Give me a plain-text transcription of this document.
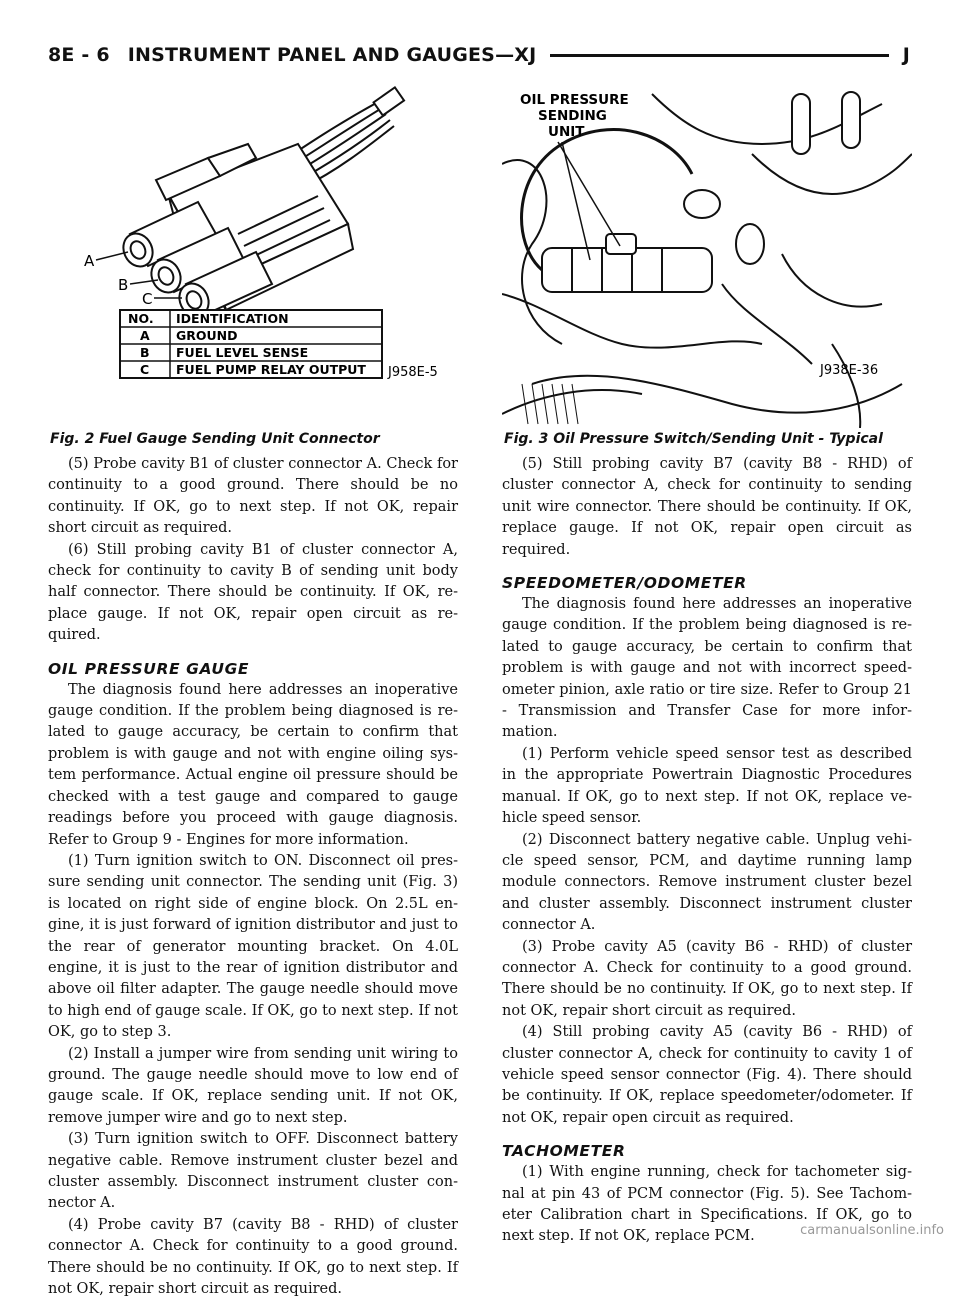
8E - 6 INSTRUMENT PANEL AND GAUGES—XJ	J
A
B
C
NO. IDENTIFICATION
A GROUND
B FUEL LEVEL SENSE
C FUEL PUMP RELAY OUTPUT J958E-5
Fig. 2 Fuel Gauge Sending Unit Connector

(5) Probe cavity B1 of cluster connector A. Check for continuity to a good ground. There should be no continuity. If OK, go to next step. If not OK, repair short circuit as required.

(6) Still probing cavity B1 of cluster connector A, check for continuity to cavity B of sending unit body half connector. There should be continuity. If OK, re-place gauge. If not OK, repair open circuit as re-quired.

OIL PRESSURE GAUGE

The diagnosis found here addresses an inoperative gauge condition. If the problem being diagnosed is re-lated to gauge accuracy, be certain to confirm that problem is with gauge and not with engine oiling sys-tem performance. Actual engine oil pressure should be checked with a test gauge and compared to gauge readings before you proceed with gauge diagnosis. Refer to Group 9 - Engines for more information.

(1) Turn ignition switch to ON. Disconnect oil pres-sure sending unit connector. The sending unit (Fig. 3) is located on right side of engine block. On 2.5L en-gine, it is just forward of ignition distributor and just to the rear of generator mounting bracket. On 4.0L engine, it is just to the rear of ignition distributor and above oil filter adapter. The gauge needle should move to high end of gauge scale. If OK, go to next step. If not OK, go to step 3.

(2) Install a jumper wire from sending unit wiring to ground. The gauge needle should move to low end of gauge scale. If OK, replace sending unit. If not OK, remove jumper wire and go to next step.

(3) Turn ignition switch to OFF. Disconnect battery negative cable. Remove instrument cluster bezel and cluster assembly. Disconnect instrument cluster con-nector A.

(4) Probe cavity B7 (cavity B8 - RHD) of cluster connector A. Check for continuity to a good ground. There should be no continuity. If OK, go to next step. If not OK, repair short circuit as required.

OIL PRESSURE
SENDING
UNIT
J938E-36
Fig. 3 Oil Pressure Switch/Sending Unit - Typical

(5) Still probing cavity B7 (cavity B8 - RHD) of cluster connector A, check for continuity to sending unit wire connector. There should be continuity. If OK, replace gauge. If not OK, repair open circuit as required.

SPEEDOMETER/ODOMETER

The diagnosis found here addresses an inoperative gauge condition. If the problem being diagnosed is re-lated to gauge accuracy, be certain to confirm that problem is with gauge and not with incorrect speed-ometer pinion, axle ratio or tire size. Refer to Group 21 - Transmission and Transfer Case for more infor-mation.

(1) Perform vehicle speed sensor test as described in the appropriate Powertrain Diagnostic Procedures manual. If OK, go to next step. If not OK, replace ve-hicle speed sensor.

(2) Disconnect battery negative cable. Unplug vehi-cle speed sensor, PCM, and daytime running lamp module connectors. Remove instrument cluster bezel and cluster assembly. Disconnect instrument cluster connector A.

(3) Probe cavity A5 (cavity B6 - RHD) of cluster connector A. Check for continuity to a good ground. There should be no continuity. If OK, go to next step. If not OK, repair short circuit as required.

(4) Still probing cavity A5 (cavity B6 - RHD) of cluster connector A, check for continuity to cavity 1 of vehicle speed sensor connector (Fig. 4). There should be continuity. If OK, replace speedometer/odometer. If not OK, repair open circuit as required.

TACHOMETER

(1) With engine running, check for tachometer sig-nal at pin 43 of PCM connector (Fig. 5). See Tachom-eter Calibration chart in Specifications. If OK, go to next step. If not OK, replace PCM.	carmanualsonline.info
